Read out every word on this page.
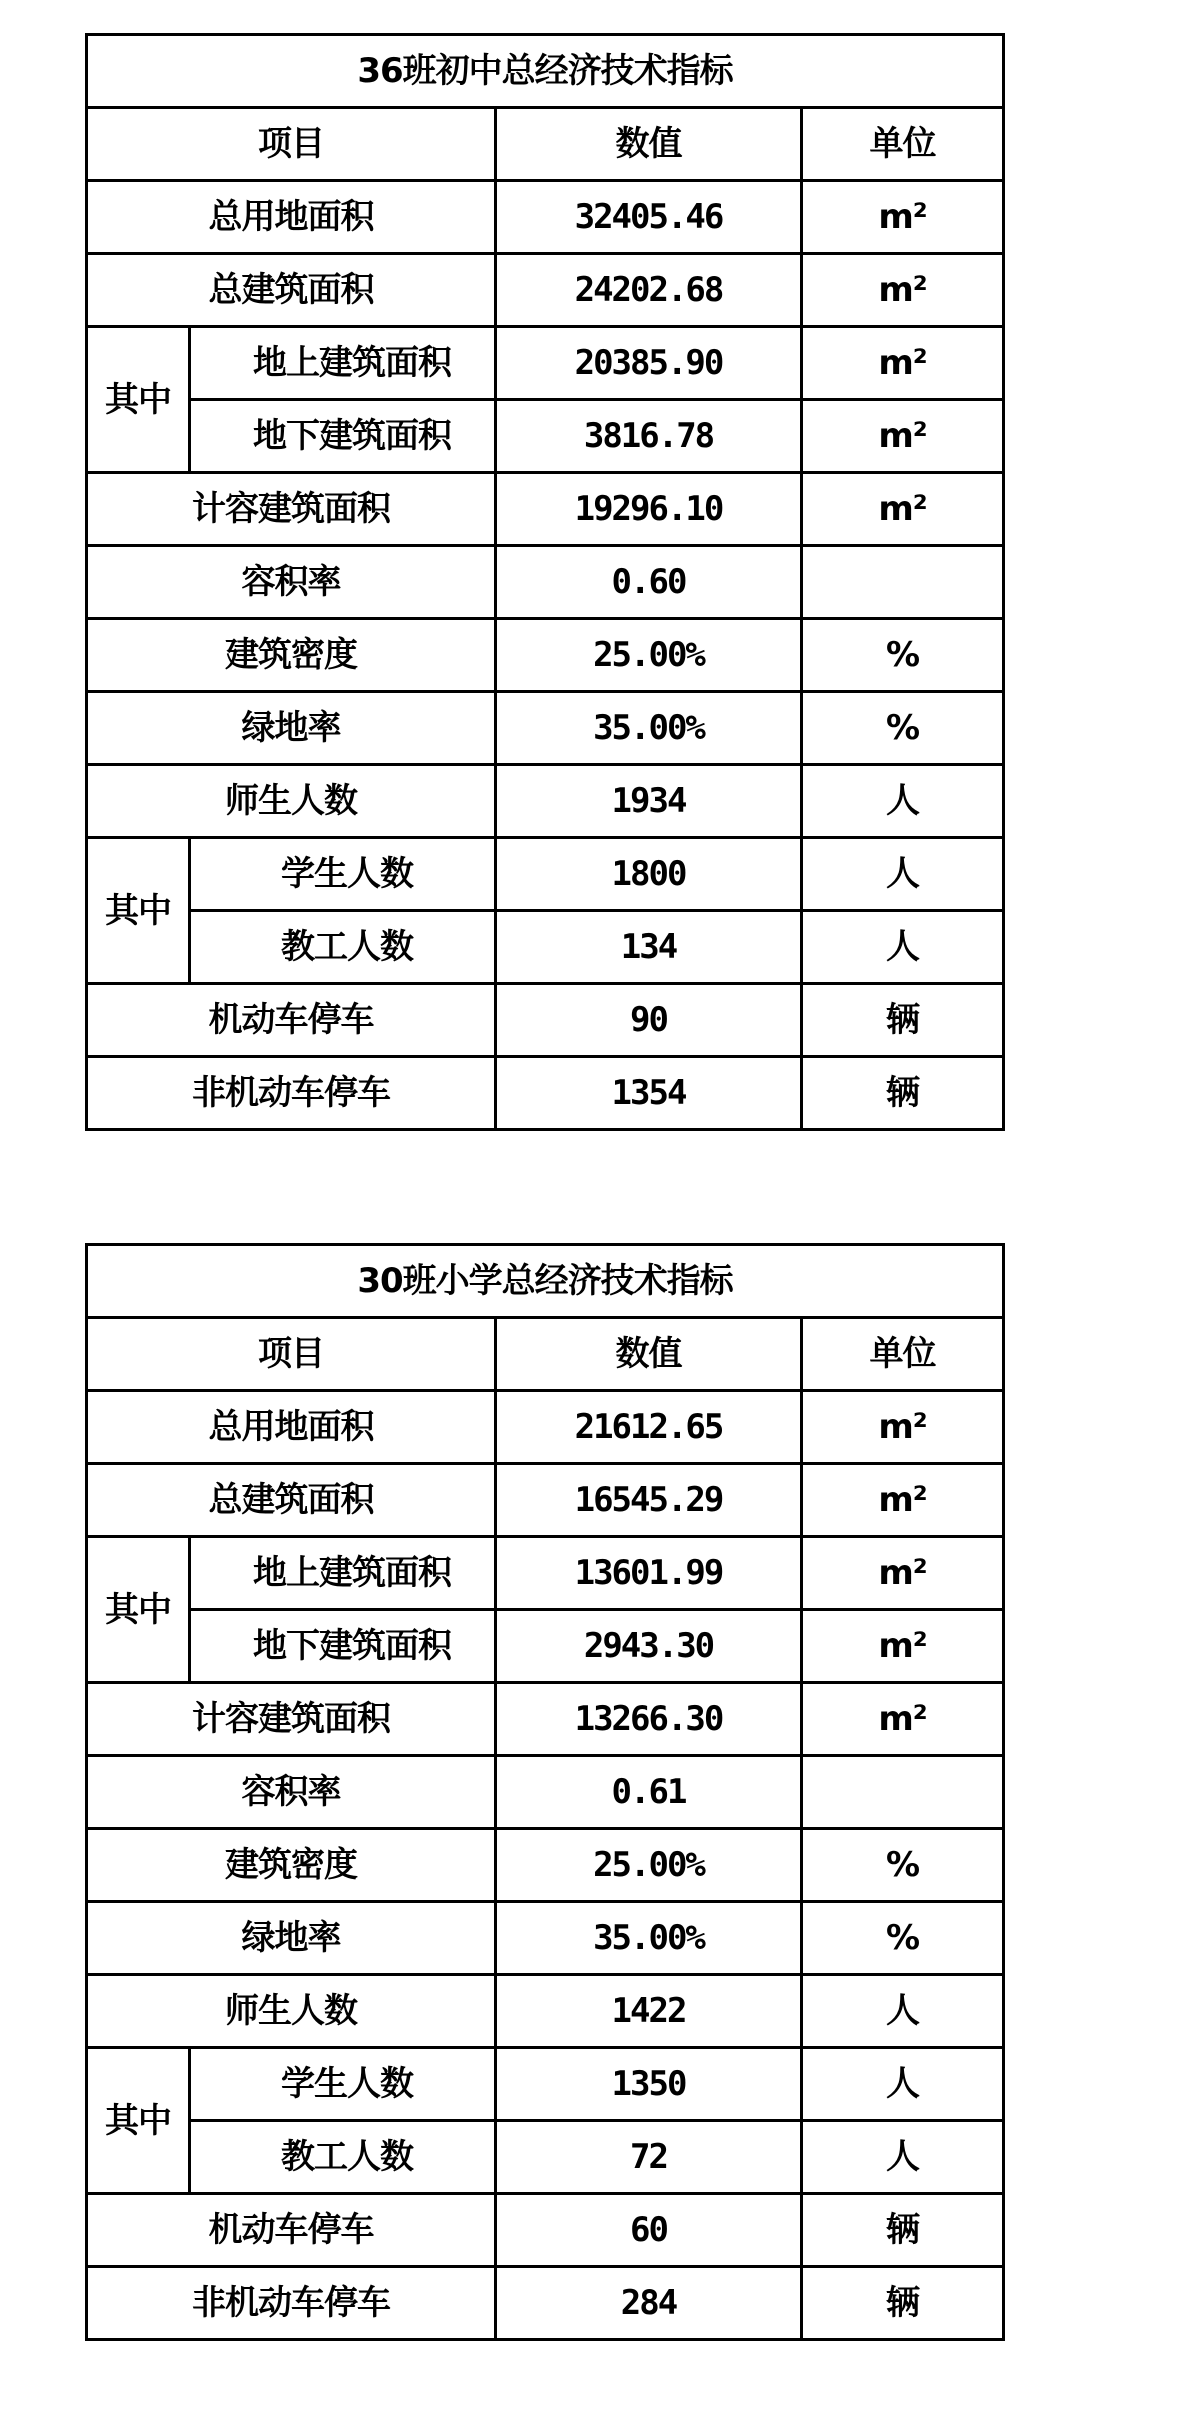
36班初中总经济技术指标			
项目		数值	单位
总用地面积		32405.46	m²
总建筑面积		24202.68	m²
其中	地上建筑面积	20385.90	m²
	地下建筑面积	3816.78	m²
计容建筑面积		19296.10	m²
容积率		0.60	
建筑密度		25.00%	%
绿地率		35.00%	%
师生人数		1934	人
其中	学生人数	1800	人
	教工人数	134	人
机动车停车		90	辆
非机动车停车		1354	辆
30班小学总经济技术指标			
项目		数值	单位
总用地面积		21612.65	m²
总建筑面积		16545.29	m²
其中	地上建筑面积	13601.99	m²
	地下建筑面积	2943.30	m²
计容建筑面积		13266.30	m²
容积率		0.61	
建筑密度		25.00%	%
绿地率		35.00%	%
师生人数		1422	人
其中	学生人数	1350	人
	教工人数	72	人
机动车停车		60	辆
非机动车停车		284	辆
